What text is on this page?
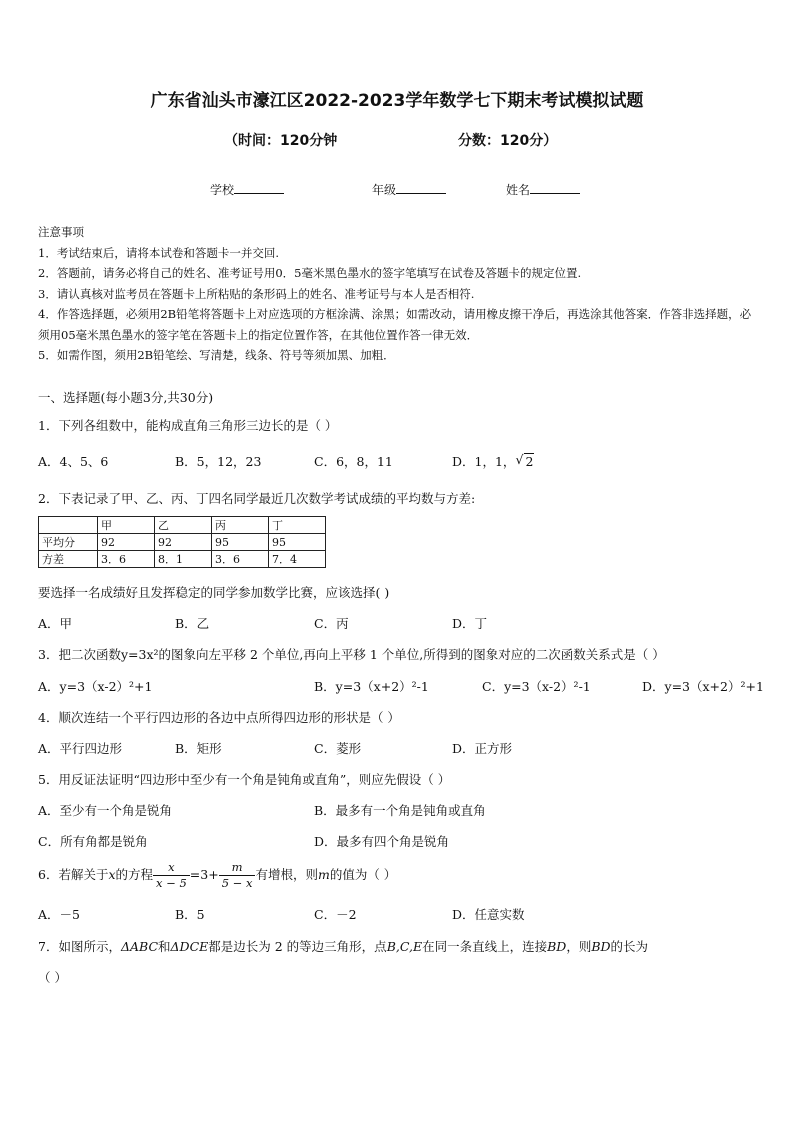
广东省汕头市濠江区2022-2023学年数学七下期末考试模拟试题
（时间：120分钟	分数：120分）
学校	年级	姓名
注意事项
1．考试结束后，请将本试卷和答题卡一并交回.
2．答题前，请务必将自己的姓名、准考证号用0．5毫米黑色墨水的签字笔填写在试卷及答题卡的规定位置.
3．请认真核对监考员在答题卡上所粘贴的条形码上的姓名、准考证号与本人是否相符.
4．作答选择题，必须用2B铅笔将答题卡上对应选项的方框涂满、涂黑；如需改动，请用橡皮擦干净后，再选涂其他答案．作答非选择题，必须用05毫米黑色墨水的签字笔在答题卡上的指定位置作答，在其他位置作答一律无效．
5．如需作图，须用2B铅笔绘、写清楚，线条、符号等须加黑、加粗．
一、选择题(每小题3分,共30分)
1．下列各组数中，能构成直角三角形三边长的是（ ）
A．4、5、6	B．5，12，23	C．6，8，11	D．1，1， √ 2
2．下表记录了甲、乙、丙、丁四名同学最近几次数学考试成绩的平均数与方差:
	甲	乙	丙	丁
平均分	92	92	95	95
方差	3．6	8．1	3．6	7．4
要选择一名成绩好且发挥稳定的同学参加数学比赛，应该选择( )
A．甲	B．乙	C．丙	D．丁
3．把二次函数y=3x²的图象向左平移 2 个单位,再向上平移 1 个单位,所得到的图象对应的二次函数关系式是（ ）
A．y=3（x-2）²+1	B．y=3（x+2）²-1	C．y=3（x-2）²-1	D．y=3（x+2）²+1
4．顺次连结一个平行四边形的各边中点所得四边形的形状是（ ）
A．平行四边形	B．矩形	C．菱形	D．正方形
5．用反证法证明“四边形中至少有一个角是钝角或直角”，则应先假设（ ）
A．至少有一个角是锐角	B．最多有一个角是钝角或直角
C．所有角都是锐角	D．最多有四个角是锐角
6．若解关于x的方程 $\frac{x}{x - 5} =3+ \frac{m}{5 - x}$ 有增根，则m的值为（ ）
A．－5	B．5	C．－2	D．任意实数
7．如图所示，ΔABC和ΔDCE都是边长为 2 的等边三角形，点B,C,E在同一条直线上，连接BD，则BD的长为
（ ）
